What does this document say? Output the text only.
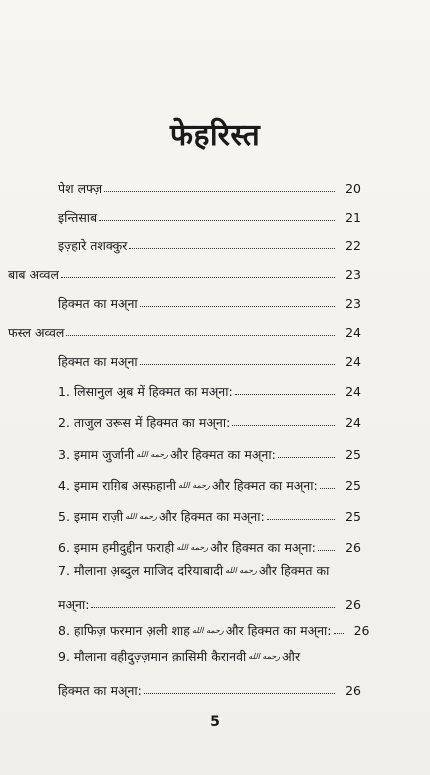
फेहरिस्त
पेश लफ्ज़	20
इन्तिसाब	21
इज़्हारे तशक्कुर	22
बाब अव्वल	23
हिक्मत का मअ्ना	23
फस्ल अव्वल	24
हिक्मत का मअ्ना	24
1. लिसानुल अ्रब में हिक्मत का मअ्ना:	24
2. ताजुल उरूस में हिक्मत का मअ्ना:	24
3. इमाम जुर्जानी رحمه الله और हिक्मत का मअ्ना:	25
4. इमाम राग़िब अस्फ़हानी رحمه الله और हिक्मत का मअ्ना:	25
5. इमाम राज़ी رحمه الله और हिक्मत का मअ्ना:	25
6. इमाम हमीदुद्दीन फराही رحمه الله और हिक्मत का मअ्ना:	26
7. मौलाना अ़ब्दुल माजिद दरियाबादी رحمه الله और हिक्मत का
मअ्ना:	26
8. हाफिज़ फरमान अ़ली शाह رحمه الله और हिक्मत का मअ्ना:	26
9. मौलाना वहीदुज़्ज़मान क़ासिमी कैरानवी رحمه الله और
हिक्मत का मअ्ना:	26
5
